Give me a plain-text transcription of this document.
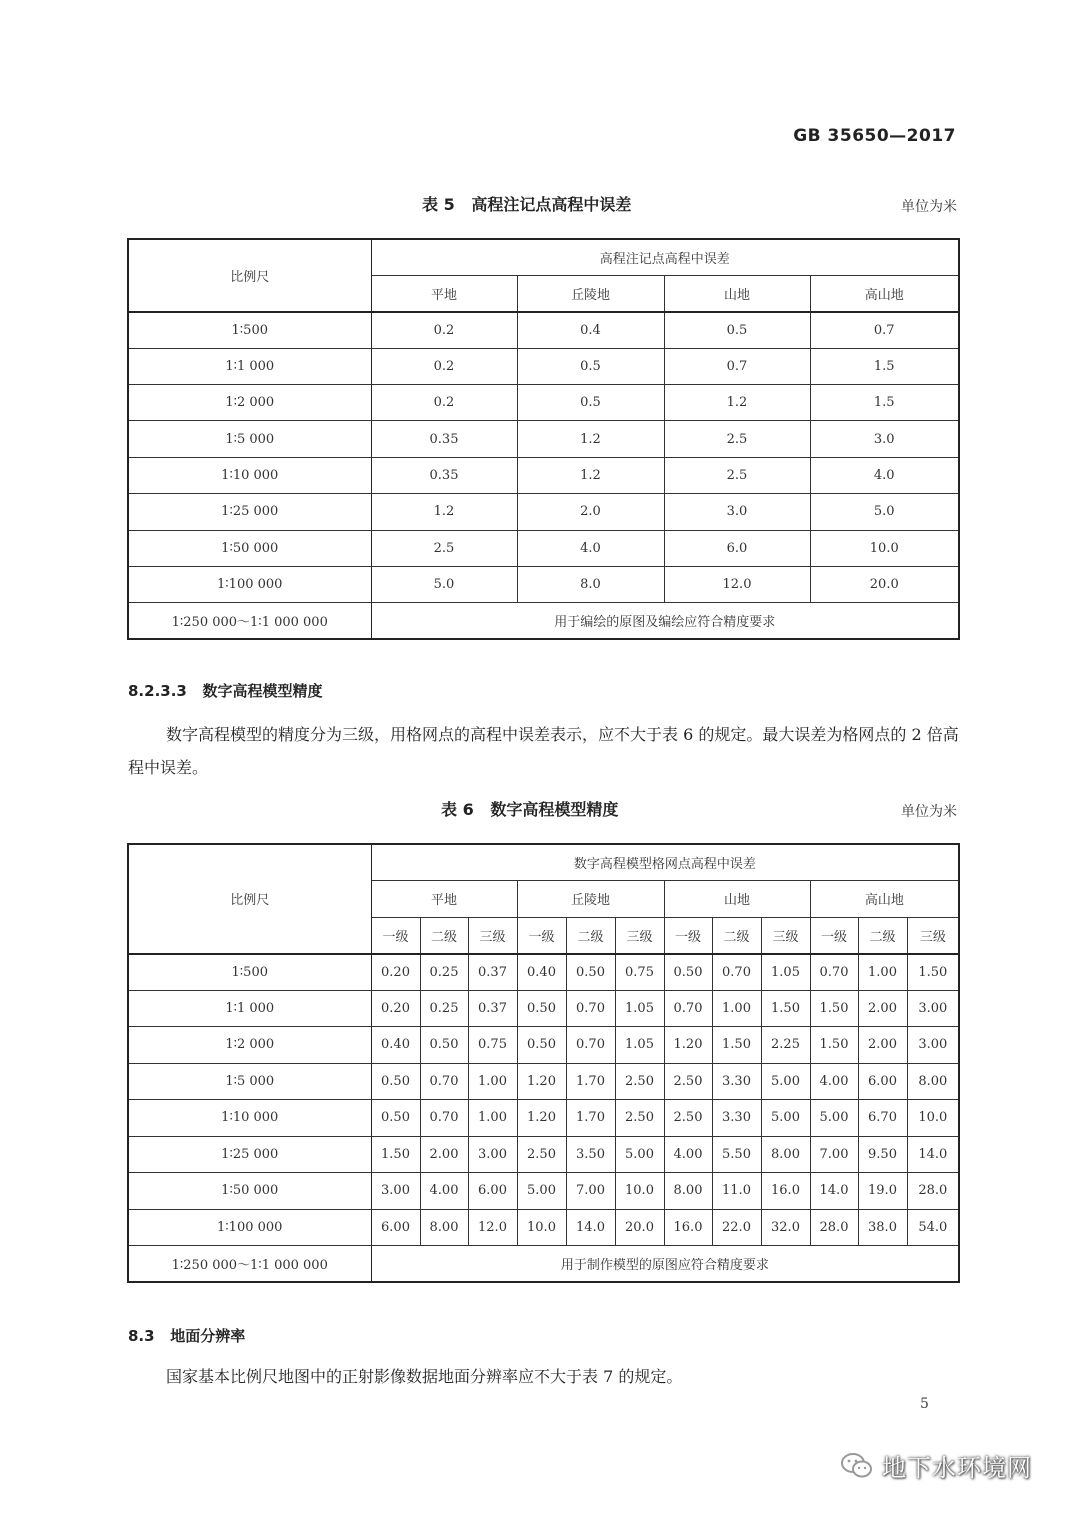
GB 35650—2017
表 5   高程注记点高程中误差	单位为米
比例尺	高程注记点高程中误差			
	平地	丘陵地	山地	高山地
1∶500	0.2	0.4	0.5	0.7
1∶1 000	0.2	0.5	0.7	1.5
1∶2 000	0.2	0.5	1.2	1.5
1∶5 000	0.35	1.2	2.5	3.0
1∶10 000	0.35	1.2	2.5	4.0
1∶25 000	1.2	2.0	3.0	5.0
1∶50 000	2.5	4.0	6.0	10.0
1∶100 000	5.0	8.0	12.0	20.0
1∶250 000～1∶1 000 000	用于编绘的原图及编绘应符合精度要求			
8.2.3.3   数字高程模型精度

数字高程模型的精度分为三级，用格网点的高程中误差表示，应不大于表 6 的规定。最大误差为格网点的 2 倍高程中误差。

表 6   数字高程模型精度	单位为米
比例尺	数字高程模型格网点高程中误差											
	平地			丘陵地			山地			高山地		
	一级	二级	三级	一级	二级	三级	一级	二级	三级	一级	二级	三级
1∶500	0.20	0.25	0.37	0.40	0.50	0.75	0.50	0.70	1.05	0.70	1.00	1.50
1∶1 000	0.20	0.25	0.37	0.50	0.70	1.05	0.70	1.00	1.50	1.50	2.00	3.00
1∶2 000	0.40	0.50	0.75	0.50	0.70	1.05	1.20	1.50	2.25	1.50	2.00	3.00
1∶5 000	0.50	0.70	1.00	1.20	1.70	2.50	2.50	3.30	5.00	4.00	6.00	8.00
1∶10 000	0.50	0.70	1.00	1.20	1.70	2.50	2.50	3.30	5.00	5.00	6.70	10.0
1∶25 000	1.50	2.00	3.00	2.50	3.50	5.00	4.00	5.50	8.00	7.00	9.50	14.0
1∶50 000	3.00	4.00	6.00	5.00	7.00	10.0	8.00	11.0	16.0	14.0	19.0	28.0
1∶100 000	6.00	8.00	12.0	10.0	14.0	20.0	16.0	22.0	32.0	28.0	38.0	54.0
1∶250 000～1∶1 000 000	用于制作模型的原图应符合精度要求											
8.3   地面分辨率

国家基本比例尺地图中的正射影像数据地面分辨率应不大于表 7 的规定。

5
地下水环境网
